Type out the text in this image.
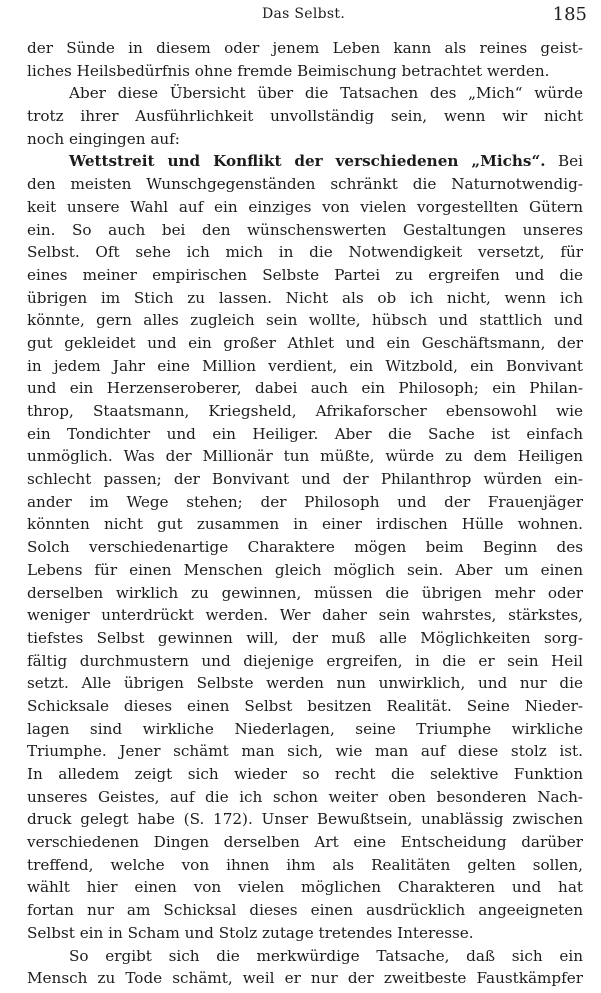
Das Selbst.	185
der Sünde in diesem oder jenem Leben kann als reines geist-
liches Heilsbedürfnis ohne fremde Beimischung betrachtet werden.
Aber diese Übersicht über die Tatsachen des „Mich“ würde
trotz ihrer Ausführlichkeit unvollständig sein, wenn wir nicht
noch eingingen auf:
Wettstreit und Konflikt der verschiedenen „Michs“. Bei
den meisten Wunschgegenständen schränkt die Naturnotwendig-
keit unsere Wahl auf ein einziges von vielen vorgestellten Gütern
ein. So auch bei den wünschenswerten Gestaltungen unseres
Selbst. Oft sehe ich mich in die Notwendigkeit versetzt, für
eines meiner empirischen Selbste Partei zu ergreifen und die
übrigen im Stich zu lassen. Nicht als ob ich nicht, wenn ich
könnte, gern alles zugleich sein wollte, hübsch und stattlich und
gut gekleidet und ein großer Athlet und ein Geschäftsmann, der
in jedem Jahr eine Million verdient, ein Witzbold, ein Bonvivant
und ein Herzenseroberer, dabei auch ein Philosoph; ein Philan-
throp, Staatsmann, Kriegsheld, Afrikaforscher ebensowohl wie
ein Tondichter und ein Heiliger. Aber die Sache ist einfach
unmöglich. Was der Millionär tun müßte, würde zu dem Heiligen
schlecht passen; der Bonvivant und der Philanthrop würden ein-
ander im Wege stehen; der Philosoph und der Frauenjäger
könnten nicht gut zusammen in einer irdischen Hülle wohnen.
Solch verschiedenartige Charaktere mögen beim Beginn des
Lebens für einen Menschen gleich möglich sein. Aber um einen
derselben wirklich zu gewinnen, müssen die übrigen mehr oder
weniger unterdrückt werden. Wer daher sein wahrstes, stärkstes,
tiefstes Selbst gewinnen will, der muß alle Möglichkeiten sorg-
fältig durchmustern und diejenige ergreifen, in die er sein Heil
setzt. Alle übrigen Selbste werden nun unwirklich, und nur die
Schicksale dieses einen Selbst besitzen Realität. Seine Nieder-
lagen sind wirkliche Niederlagen, seine Triumphe wirkliche
Triumphe. Jener schämt man sich, wie man auf diese stolz ist.
In alledem zeigt sich wieder so recht die selektive Funktion
unseres Geistes, auf die ich schon weiter oben besonderen Nach-
druck gelegt habe (S. 172). Unser Bewußtsein, unablässig zwischen
verschiedenen Dingen derselben Art eine Entscheidung darüber
treffend, welche von ihnen ihm als Realitäten gelten sollen,
wählt hier einen von vielen möglichen Charakteren und hat
fortan nur am Schicksal dieses einen ausdrücklich angeeigneten
Selbst ein in Scham und Stolz zutage tretendes Interesse.
So ergibt sich die merkwürdige Tatsache, daß sich ein
Mensch zu Tode schämt, weil er nur der zweitbeste Faustkämpfer
